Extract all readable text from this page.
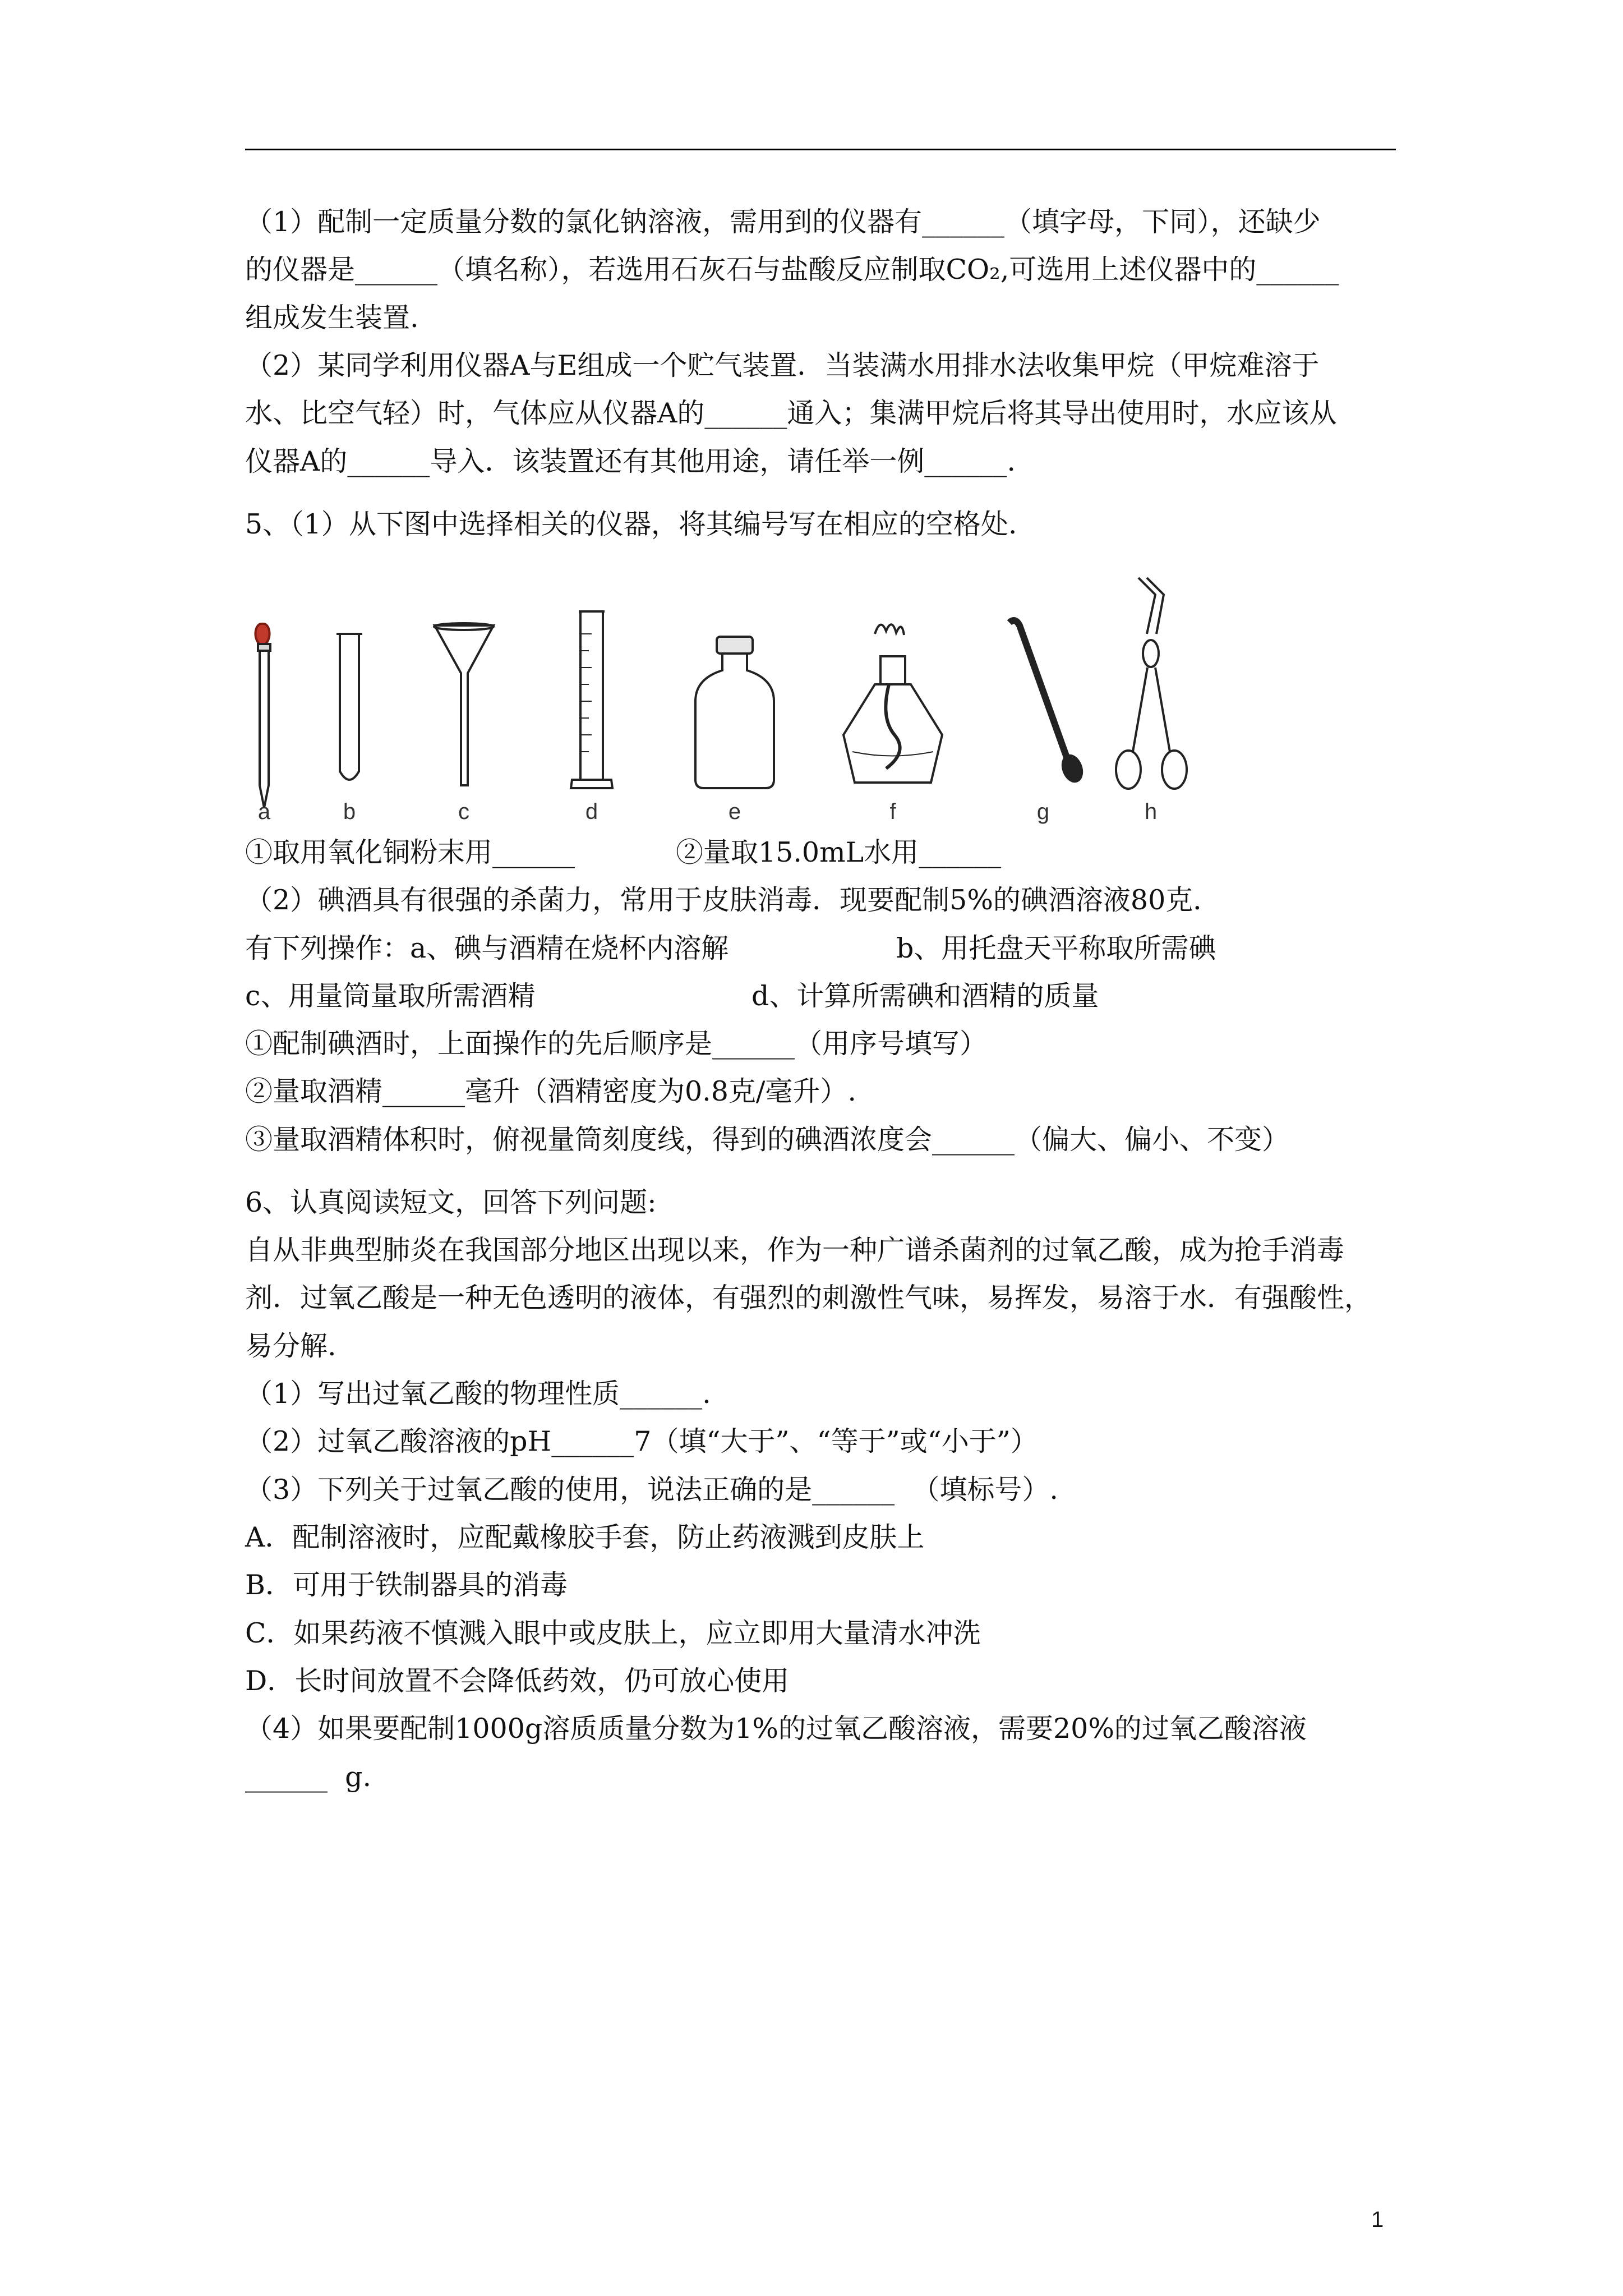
（1）配制一定质量分数的氯化钠溶液，需用到的仪器有______（填字母，下同），还缺少
的仪器是______（填名称），若选用石灰石与盐酸反应制取CO₂,可选用上述仪器中的______
组成发生装置.
（2）某同学利用仪器A与E组成一个贮气装置．当装满水用排水法收集甲烷（甲烷难溶于
水、比空气轻）时，气体应从仪器A的______通入；集满甲烷后将其导出使用时，水应该从
仪器A的______导入．该装置还有其他用途，请任举一例______.
5、（1）从下图中选择相关的仪器，将其编号写在相应的空格处.
a	b	c	d	e	f	g	h
①取用氧化铜粉末用______	②量取15.0mL水用______
（2）碘酒具有很强的杀菌力，常用于皮肤消毒．现要配制5%的碘酒溶液80克．
有下列操作：a、碘与酒精在烧杯内溶解	b、用托盘天平称取所需碘
c、用量筒量取所需酒精	d、计算所需碘和酒精的质量
①配制碘酒时，上面操作的先后顺序是______（用序号填写）
②量取酒精______毫升（酒精密度为0.8克/毫升）.
③量取酒精体积时，俯视量筒刻度线，得到的碘酒浓度会______（偏大、偏小、不变）
6、认真阅读短文，回答下列问题:
自从非典型肺炎在我国部分地区出现以来，作为一种广谱杀菌剂的过氧乙酸，成为抢手消毒
剂．过氧乙酸是一种无色透明的液体，有强烈的刺激性气味，易挥发，易溶于水．有强酸性，
易分解.
（1）写出过氧乙酸的物理性质______.
（2）过氧乙酸溶液的pH______7（填“大于”、“等于”或“小于”）
（3）下列关于过氧乙酸的使用，说法正确的是______  （填标号）.
A．配制溶液时，应配戴橡胶手套，防止药液溅到皮肤上
B．可用于铁制器具的消毒
C．如果药液不慎溅入眼中或皮肤上，应立即用大量清水冲洗
D．长时间放置不会降低药效，仍可放心使用
（4）如果要配制1000g溶质质量分数为1%的过氧乙酸溶液，需要20%的过氧乙酸溶液
______  g.
1
